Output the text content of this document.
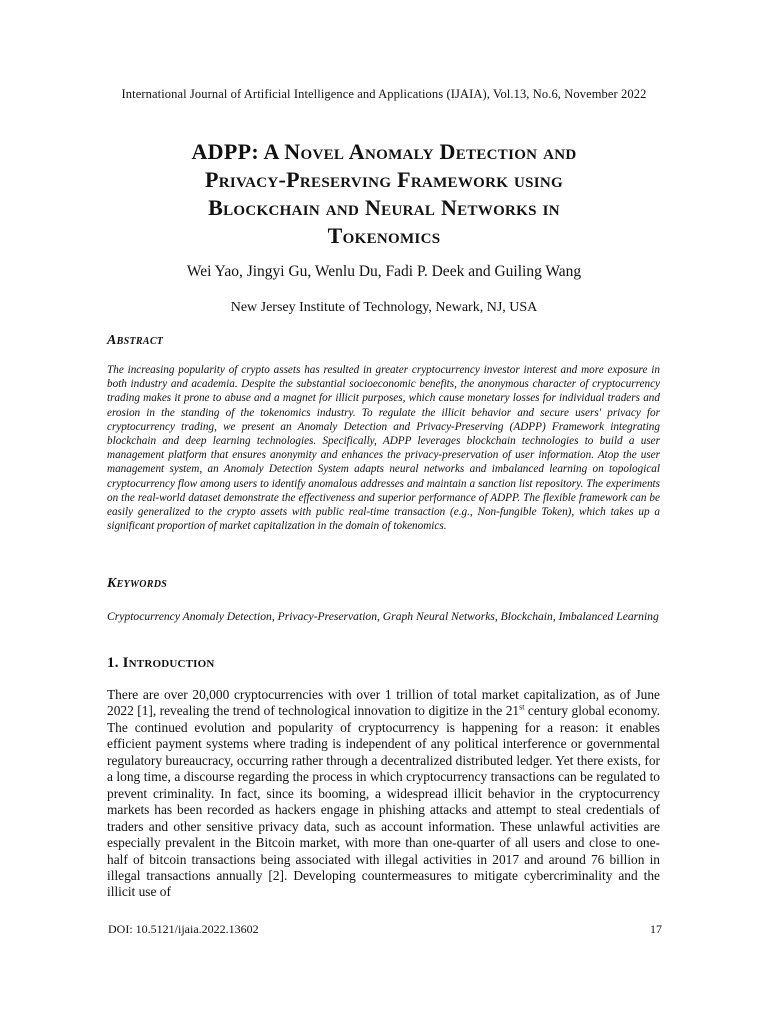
International Journal of Artificial Intelligence and Applications (IJAIA), Vol.13, No.6, November 2022
ADPP: A Novel Anomaly Detection and
Privacy-Preserving Framework using
Blockchain and Neural Networks in
Tokenomics
Wei Yao, Jingyi Gu, Wenlu Du, Fadi P. Deek and Guiling Wang
New Jersey Institute of Technology, Newark, NJ, USA
Abstract
The increasing popularity of crypto assets has resulted in greater cryptocurrency investor interest and more exposure in both industry and academia. Despite the substantial socioeconomic benefits, the anonymous character of cryptocurrency trading makes it prone to abuse and a magnet for illicit purposes, which cause monetary losses for individual traders and erosion in the standing of the tokenomics industry. To regulate the illicit behavior and secure users' privacy for cryptocurrency trading, we present an Anomaly Detection and Privacy-Preserving (ADPP) Framework integrating blockchain and deep learning technologies. Specifically, ADPP leverages blockchain technologies to build a user management platform that ensures anonymity and enhances the privacy-preservation of user information. Atop the user management system, an Anomaly Detection System adapts neural networks and imbalanced learning on topological cryptocurrency flow among users to identify anomalous addresses and maintain a sanction list repository. The experiments on the real-world dataset demonstrate the effectiveness and superior performance of ADPP. The flexible framework can be easily generalized to the crypto assets with public real-time transaction (e.g., Non-fungible Token), which takes up a significant proportion of market capitalization in the domain of tokenomics.
Keywords
Cryptocurrency Anomaly Detection, Privacy-Preservation, Graph Neural Networks, Blockchain, Imbalanced Learning
1. Introduction
There are over 20,000 cryptocurrencies with over 1 trillion of total market capitalization, as of June 2022 [1], revealing the trend of technological innovation to digitize in the 21st century global economy. The continued evolution and popularity of cryptocurrency is happening for a reason: it enables efficient payment systems where trading is independent of any political interference or governmental regulatory bureaucracy, occurring rather through a decentralized distributed ledger. Yet there exists, for a long time, a discourse regarding the process in which cryptocurrency transactions can be regulated to prevent criminality. In fact, since its booming, a widespread illicit behavior in the cryptocurrency markets has been recorded as hackers engage in phishing attacks and attempt to steal credentials of traders and other sensitive privacy data, such as account information. These unlawful activities are especially prevalent in the Bitcoin market, with more than one-quarter of all users and close to one-half of bitcoin transactions being associated with illegal activities in 2017 and around 76 billion in illegal transactions annually [2]. Developing countermeasures to mitigate cybercriminality and the illicit use of
DOI: 10.5121/ijaia.2022.13602	17
